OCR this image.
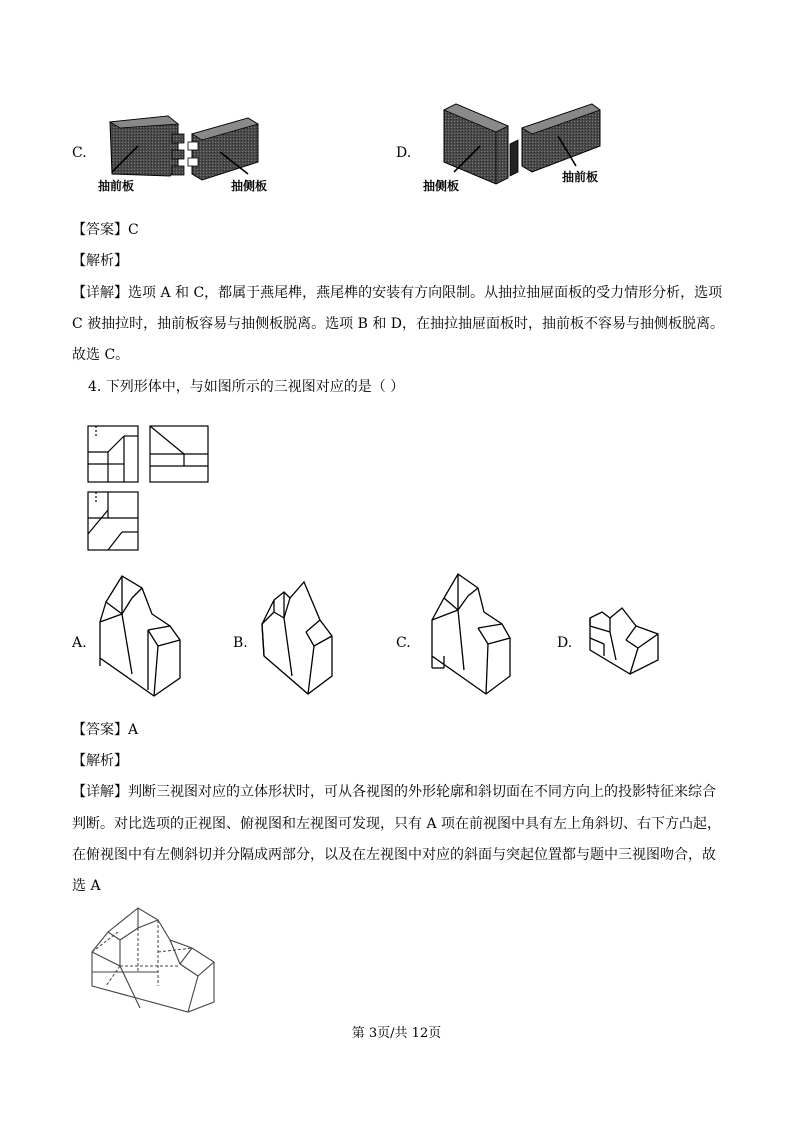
C.
抽前板	抽侧板
D.
抽侧板
抽前板
【答案】C
【解析】
【详解】选项 A 和 C，都属于燕尾榫，燕尾榫的安装有方向限制。从抽拉抽屉面板的受力情形分析，选项
C 被抽拉时，抽前板容易与抽侧板脱离。选项 B 和 D，在抽拉抽屉面板时，抽前板不容易与抽侧板脱离。
故选 C。
4. 下列形体中，与如图所示的三视图对应的是（ ）
A.	B.	C.	D.
【答案】A
【解析】
【详解】判断三视图对应的立体形状时，可从各视图的外形轮廓和斜切面在不同方向上的投影特征来综合
判断。对比选项的正视图、俯视图和左视图可发现，只有 A 项在前视图中具有左上角斜切、右下方凸起，
在俯视图中有左侧斜切并分隔成两部分，以及在左视图中对应的斜面与突起位置都与题中三视图吻合，故
选 A
第 3页/共 12页
